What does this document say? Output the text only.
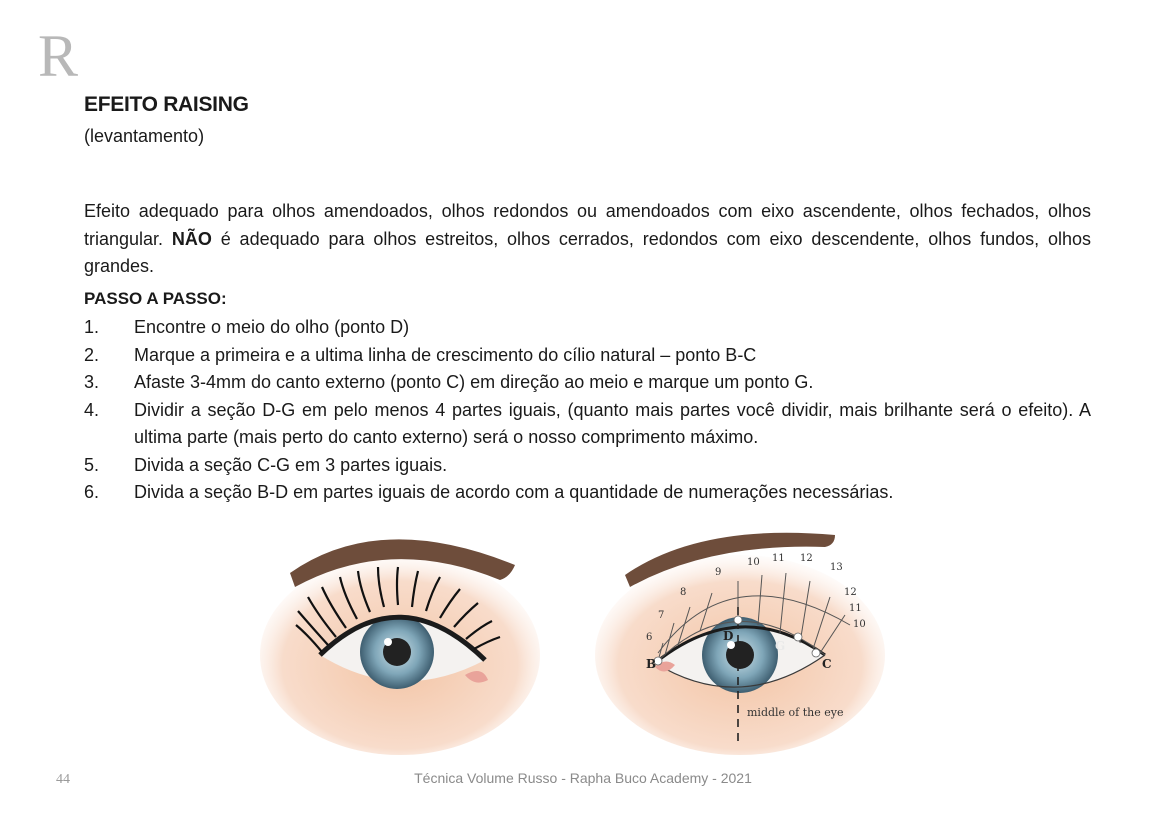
R
EFEITO RAISING
(levantamento)

Efeito adequado para olhos amendoados, olhos redondos ou amendoados com eixo ascendente, olhos fechados, olhos triangular. NÃO é adequado para olhos estreitos, olhos cerrados, redondos com eixo descendente, olhos fundos, olhos grandes.

PASSO A PASSO:
1. Encontre o meio do olho (ponto D)
2. Marque a primeira e a ultima linha de crescimento do cílio natural – ponto B-C
3. Afaste 3-4mm do canto externo (ponto C) em direção ao meio e marque um ponto G.
4. Dividir a seção D-G em pelo menos 4 partes iguais, (quanto mais partes você dividir, mais brilhante será o efeito). A ultima parte (mais perto do canto externo) será o nosso comprimento máximo.
5. Divida a seção C-G em 3 partes iguais.
6. Divida a seção B-D em partes iguais de acordo com a quantidade de numerações necessárias.
6
7
8
9
10 11 12
13
12
11
10
B
D
G
C
middle of the eye
44	Técnica Volume Russo - Rapha Buco Academy - 2021
